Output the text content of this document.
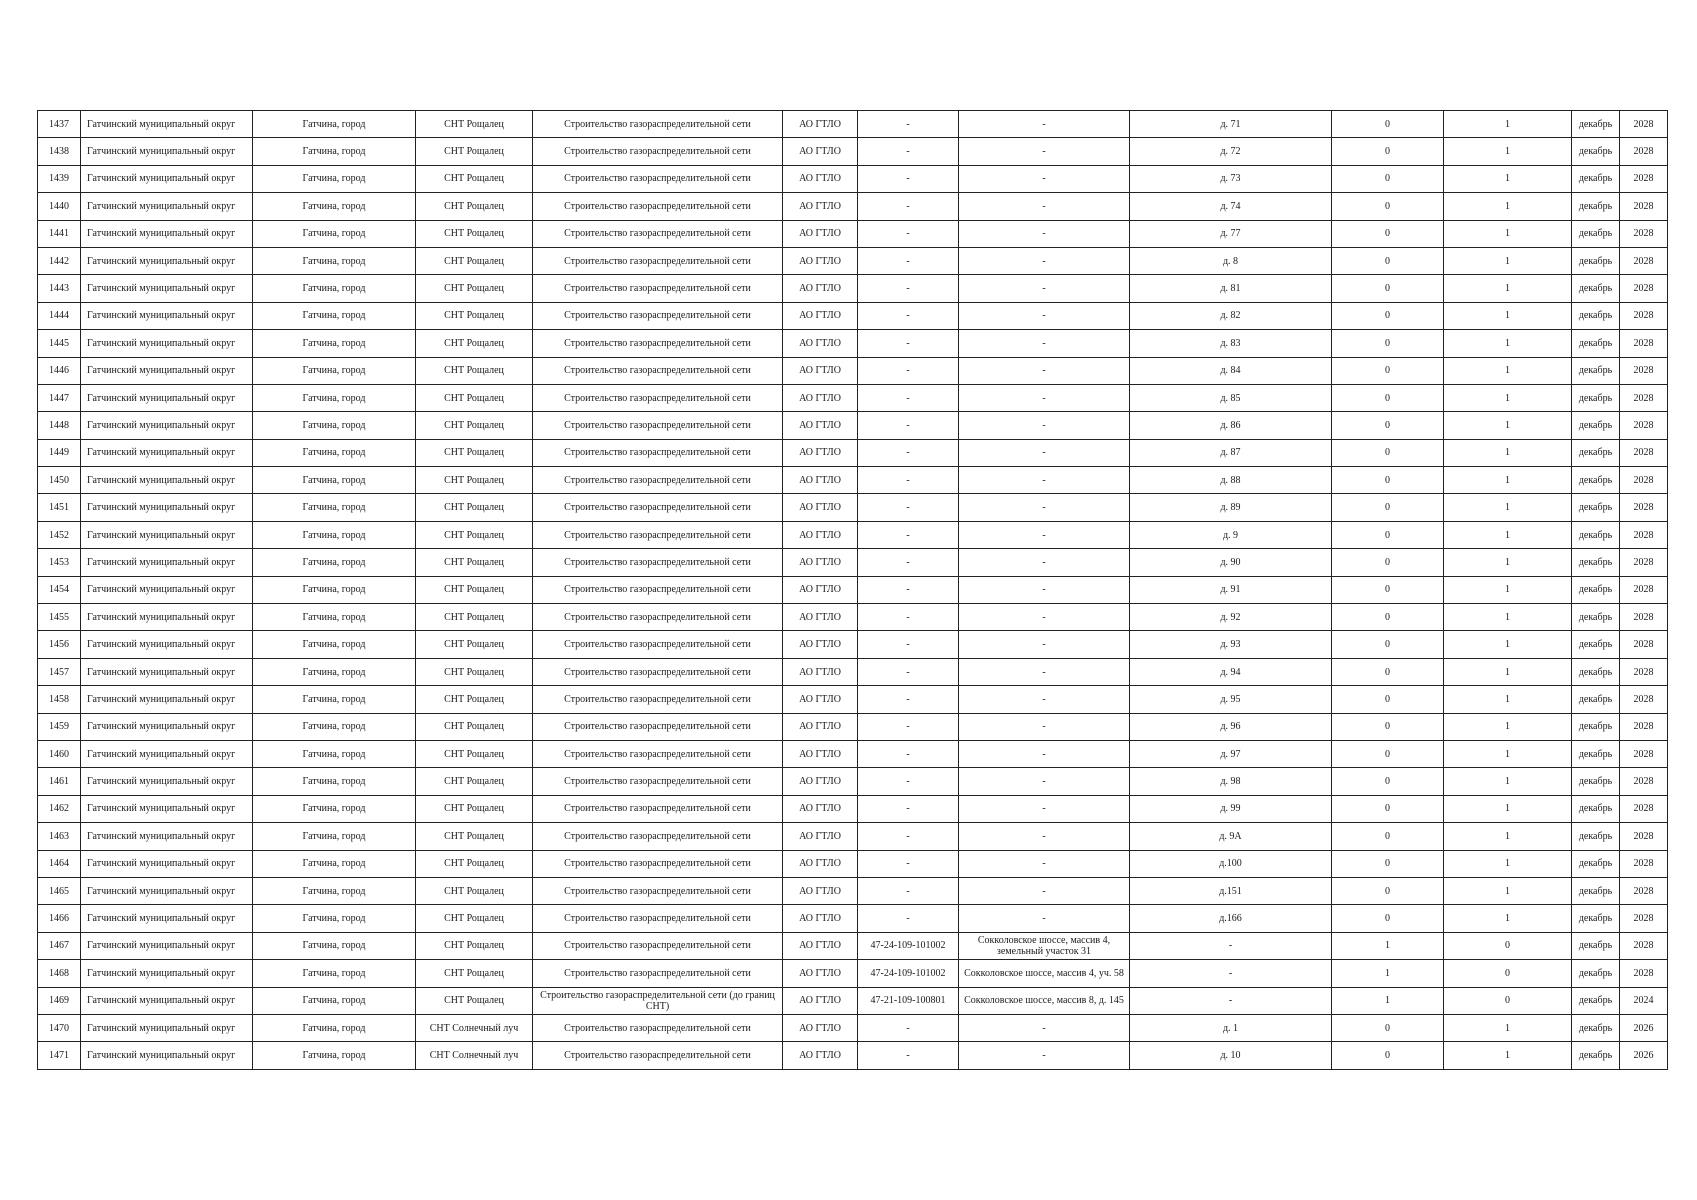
1437	Гатчинский муниципальный округ	Гатчина, город	СНТ Рощалец	Строительство газораспределительной сети	АО ГТЛО	-	-	д. 71	0	1	декабрь	2028
1438	Гатчинский муниципальный округ	Гатчина, город	СНТ Рощалец	Строительство газораспределительной сети	АО ГТЛО	-	-	д. 72	0	1	декабрь	2028
1439	Гатчинский муниципальный округ	Гатчина, город	СНТ Рощалец	Строительство газораспределительной сети	АО ГТЛО	-	-	д. 73	0	1	декабрь	2028
1440	Гатчинский муниципальный округ	Гатчина, город	СНТ Рощалец	Строительство газораспределительной сети	АО ГТЛО	-	-	д. 74	0	1	декабрь	2028
1441	Гатчинский муниципальный округ	Гатчина, город	СНТ Рощалец	Строительство газораспределительной сети	АО ГТЛО	-	-	д. 77	0	1	декабрь	2028
1442	Гатчинский муниципальный округ	Гатчина, город	СНТ Рощалец	Строительство газораспределительной сети	АО ГТЛО	-	-	д. 8	0	1	декабрь	2028
1443	Гатчинский муниципальный округ	Гатчина, город	СНТ Рощалец	Строительство газораспределительной сети	АО ГТЛО	-	-	д. 81	0	1	декабрь	2028
1444	Гатчинский муниципальный округ	Гатчина, город	СНТ Рощалец	Строительство газораспределительной сети	АО ГТЛО	-	-	д. 82	0	1	декабрь	2028
1445	Гатчинский муниципальный округ	Гатчина, город	СНТ Рощалец	Строительство газораспределительной сети	АО ГТЛО	-	-	д. 83	0	1	декабрь	2028
1446	Гатчинский муниципальный округ	Гатчина, город	СНТ Рощалец	Строительство газораспределительной сети	АО ГТЛО	-	-	д. 84	0	1	декабрь	2028
1447	Гатчинский муниципальный округ	Гатчина, город	СНТ Рощалец	Строительство газораспределительной сети	АО ГТЛО	-	-	д. 85	0	1	декабрь	2028
1448	Гатчинский муниципальный округ	Гатчина, город	СНТ Рощалец	Строительство газораспределительной сети	АО ГТЛО	-	-	д. 86	0	1	декабрь	2028
1449	Гатчинский муниципальный округ	Гатчина, город	СНТ Рощалец	Строительство газораспределительной сети	АО ГТЛО	-	-	д. 87	0	1	декабрь	2028
1450	Гатчинский муниципальный округ	Гатчина, город	СНТ Рощалец	Строительство газораспределительной сети	АО ГТЛО	-	-	д. 88	0	1	декабрь	2028
1451	Гатчинский муниципальный округ	Гатчина, город	СНТ Рощалец	Строительство газораспределительной сети	АО ГТЛО	-	-	д. 89	0	1	декабрь	2028
1452	Гатчинский муниципальный округ	Гатчина, город	СНТ Рощалец	Строительство газораспределительной сети	АО ГТЛО	-	-	д. 9	0	1	декабрь	2028
1453	Гатчинский муниципальный округ	Гатчина, город	СНТ Рощалец	Строительство газораспределительной сети	АО ГТЛО	-	-	д. 90	0	1	декабрь	2028
1454	Гатчинский муниципальный округ	Гатчина, город	СНТ Рощалец	Строительство газораспределительной сети	АО ГТЛО	-	-	д. 91	0	1	декабрь	2028
1455	Гатчинский муниципальный округ	Гатчина, город	СНТ Рощалец	Строительство газораспределительной сети	АО ГТЛО	-	-	д. 92	0	1	декабрь	2028
1456	Гатчинский муниципальный округ	Гатчина, город	СНТ Рощалец	Строительство газораспределительной сети	АО ГТЛО	-	-	д. 93	0	1	декабрь	2028
1457	Гатчинский муниципальный округ	Гатчина, город	СНТ Рощалец	Строительство газораспределительной сети	АО ГТЛО	-	-	д. 94	0	1	декабрь	2028
1458	Гатчинский муниципальный округ	Гатчина, город	СНТ Рощалец	Строительство газораспределительной сети	АО ГТЛО	-	-	д. 95	0	1	декабрь	2028
1459	Гатчинский муниципальный округ	Гатчина, город	СНТ Рощалец	Строительство газораспределительной сети	АО ГТЛО	-	-	д. 96	0	1	декабрь	2028
1460	Гатчинский муниципальный округ	Гатчина, город	СНТ Рощалец	Строительство газораспределительной сети	АО ГТЛО	-	-	д. 97	0	1	декабрь	2028
1461	Гатчинский муниципальный округ	Гатчина, город	СНТ Рощалец	Строительство газораспределительной сети	АО ГТЛО	-	-	д. 98	0	1	декабрь	2028
1462	Гатчинский муниципальный округ	Гатчина, город	СНТ Рощалец	Строительство газораспределительной сети	АО ГТЛО	-	-	д. 99	0	1	декабрь	2028
1463	Гатчинский муниципальный округ	Гатчина, город	СНТ Рощалец	Строительство газораспределительной сети	АО ГТЛО	-	-	д. 9А	0	1	декабрь	2028
1464	Гатчинский муниципальный округ	Гатчина, город	СНТ Рощалец	Строительство газораспределительной сети	АО ГТЛО	-	-	д.100	0	1	декабрь	2028
1465	Гатчинский муниципальный округ	Гатчина, город	СНТ Рощалец	Строительство газораспределительной сети	АО ГТЛО	-	-	д.151	0	1	декабрь	2028
1466	Гатчинский муниципальный округ	Гатчина, город	СНТ Рощалец	Строительство газораспределительной сети	АО ГТЛО	-	-	д.166	0	1	декабрь	2028
1467	Гатчинский муниципальный округ	Гатчина, город	СНТ Рощалец	Строительство газораспределительной сети	АО ГТЛО	47-24-109-101002	Сокколовское шоссе, массив 4, земельный участок 31	-	1	0	декабрь	2028
1468	Гатчинский муниципальный округ	Гатчина, город	СНТ Рощалец	Строительство газораспределительной сети	АО ГТЛО	47-24-109-101002	Сокколовское шоссе, массив 4, уч. 58	-	1	0	декабрь	2028
1469	Гатчинский муниципальный округ	Гатчина, город	СНТ Рощалец	Строительство газораспределительной сети (до границ СНТ)	АО ГТЛО	47-21-109-100801	Сокколовское шоссе, массив 8, д. 145	-	1	0	декабрь	2024
1470	Гатчинский муниципальный округ	Гатчина, город	СНТ Солнечный луч	Строительство газораспределительной сети	АО ГТЛО	-	-	д. 1	0	1	декабрь	2026
1471	Гатчинский муниципальный округ	Гатчина, город	СНТ Солнечный луч	Строительство газораспределительной сети	АО ГТЛО	-	-	д. 10	0	1	декабрь	2026
